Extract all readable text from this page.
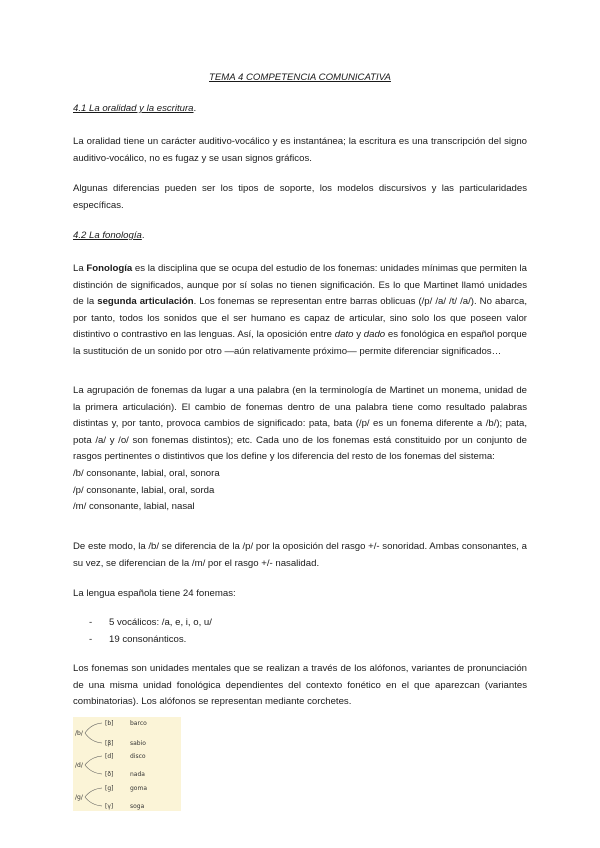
TEMA 4 COMPETENCIA COMUNICATIVA
4.1 La oralidad y la escritura.
La oralidad tiene un carácter auditivo-vocálico y es instantánea; la escritura es una transcripción del signo auditivo-vocálico, no es fugaz y se usan signos gráficos.
Algunas diferencias pueden ser los tipos de soporte, los modelos discursivos y las particularidades específicas.
4.2 La fonología.
La Fonología es la disciplina que se ocupa del estudio de los fonemas: unidades mínimas que permiten la distinción de significados, aunque por sí solas no tienen significación. Es lo que Martinet llamó unidades de la segunda articulación. Los fonemas se representan entre barras oblicuas (/p/ /a/ /t/ /a/). No abarca, por tanto, todos los sonidos que el ser humano es capaz de articular, sino solo los que poseen valor distintivo o contrastivo en las lenguas. Así, la oposición entre dato y dado es fonológica en español porque la sustitución de un sonido por otro —aún relativamente próximo— permite diferenciar significados…
La agrupación de fonemas da lugar a una palabra (en la terminología de Martinet un monema, unidad de la primera articulación). El cambio de fonemas dentro de una palabra tiene como resultado palabras distintas y, por tanto, provoca cambios de significado: pata, bata (/p/ es un fonema diferente a /b/); pata, pota /a/ y /o/ son fonemas distintos); etc. Cada uno de los fonemas está constituido por un conjunto de rasgos pertinentes o distintivos que los define y los diferencia del resto de los fonemas del sistema:
/b/ consonante, labial, oral, sonora
/p/ consonante, labial, oral, sorda
/m/ consonante, labial, nasal
De este modo, la /b/ se diferencia de la /p/ por la oposición del rasgo +/- sonoridad. Ambas consonantes, a su vez, se diferencian de la /m/ por el rasgo +/- nasalidad.
La lengua española tiene 24 fonemas:
- 5 vocálicos: /a, e, i, o, u/
- 19 consonánticos.
Los fonemas son unidades mentales que se realizan a través de los alófonos, variantes de pronunciación de una misma unidad fonológica dependientes del contexto fonético en el que aparezcan (variantes combinatorias). Los alófonos se representan mediante corchetes.
/b/
[b]	barco
[β]	sabio
/d/
[d]	disco
[ð]	nada
/g/
[g]	goma
[γ]	soga
